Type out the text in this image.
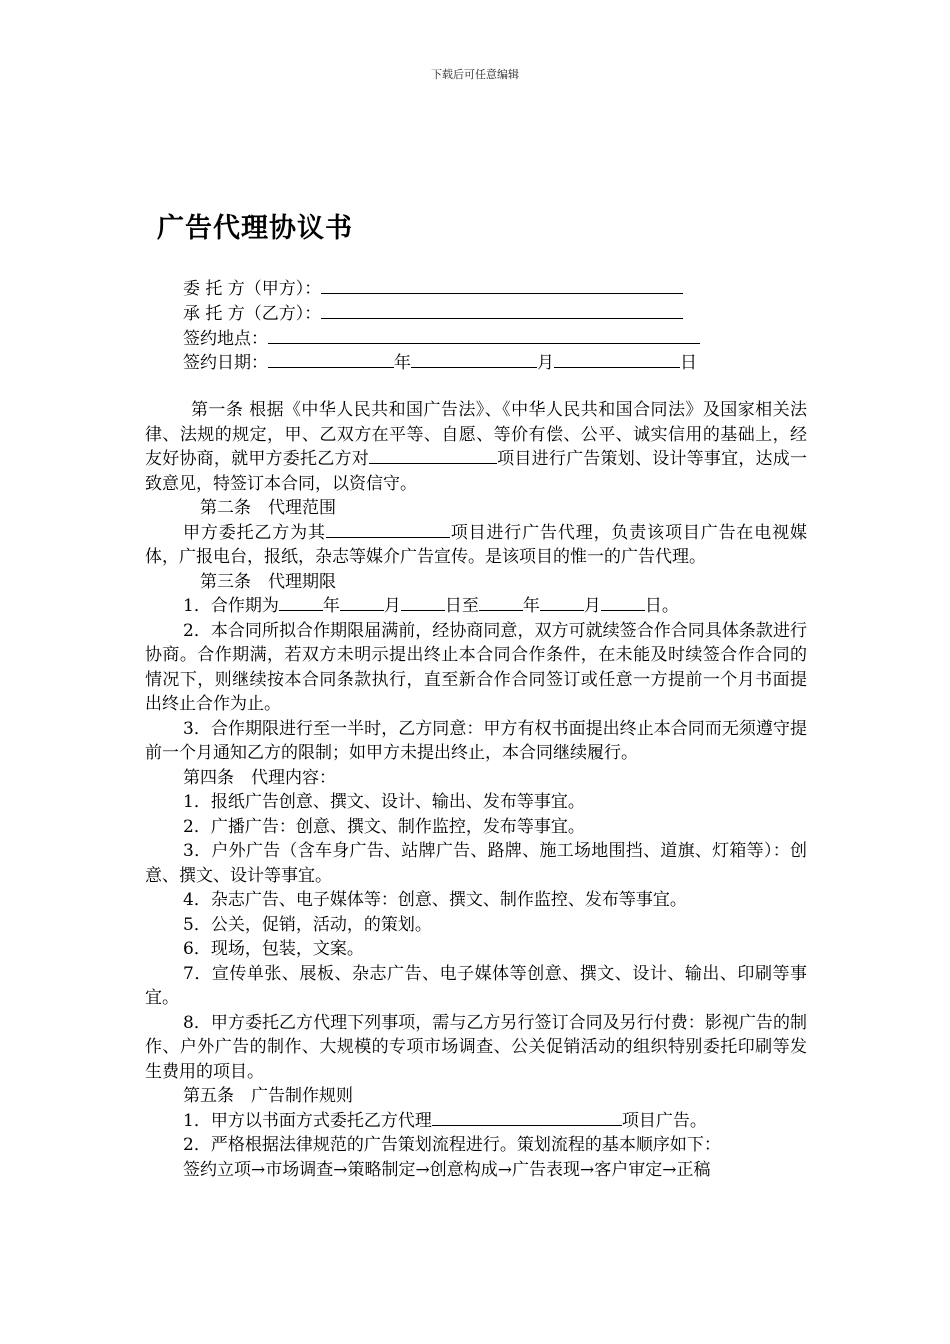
下载后可任意编辑
广告代理协议书
委 托 方（甲方）：
承 托 方（乙方）：
签约地点：
签约日期：	年	月	日

第一条 根据《中华人民共和国广告法》、《中华人民共和国合同法》及国家相关法律、法规的规定，甲、乙双方在平等、自愿、等价有偿、公平、诚实信用的基础上，经友好协商，就甲方委托乙方对	项目进行广告策划、设计等事宜，达成一致意见，特签订本合同，以资信守。

第二条　代理范围

甲方委托乙方为其	项目进行广告代理，负责该项目广告在电视媒体，广报电台，报纸，杂志等媒介广告宣传。是该项目的惟一的广告代理。

第三条　代理期限

1．合作期为	年	月	日至	年	月	日。

2．本合同所拟合作期限届满前，经协商同意，双方可就续签合作合同具体条款进行协商。合作期满，若双方未明示提出终止本合同合作条件，在未能及时续签合作合同的情况下，则继续按本合同条款执行，直至新合作合同签订或任意一方提前一个月书面提出终止合作为止。

3．合作期限进行至一半时，乙方同意：甲方有权书面提出终止本合同而无须遵守提前一个月通知乙方的限制；如甲方未提出终止，本合同继续履行。

第四条　代理内容：

1．报纸广告创意、撰文、设计、输出、发布等事宜。

2．广播广告：创意、撰文、制作监控，发布等事宜。

3．户外广告（含车身广告、站牌广告、路牌、施工场地围挡、道旗、灯箱等）：创意、撰文、设计等事宜。

4．杂志广告、电子媒体等：创意、撰文、制作监控、发布等事宜。

5．公关，促销，活动，的策划。

6．现场，包装，文案。

7．宣传单张、展板、杂志广告、电子媒体等创意、撰文、设计、输出、印刷等事宜。

8．甲方委托乙方代理下列事项，需与乙方另行签订合同及另行付费：影视广告的制作、户外广告的制作、大规模的专项市场调查、公关促销活动的组织特别委托印刷等发生费用的项目。

第五条　广告制作规则

1．甲方以书面方式委托乙方代理	项目广告。

2．严格根据法律规范的广告策划流程进行。策划流程的基本顺序如下：

签约立项→市场调查→策略制定→创意构成→广告表现→客户审定→正稿
